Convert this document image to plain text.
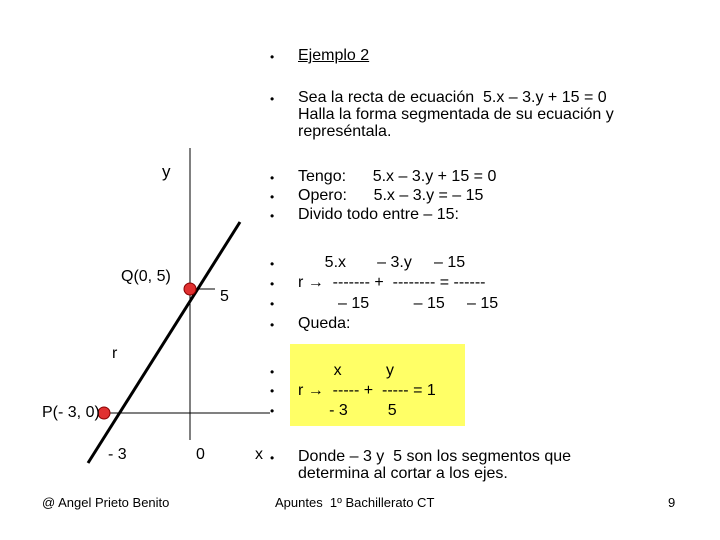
y
Q(0, 5)
5
r
P(- 3, 0)
- 3	0	x
•
•
•
•
•
•
•
•
•
•
•
•
•
Ejemplo 2
Sea la recta de ecuación  5.x – 3.y + 15 = 0
Halla la forma segmentada de su ecuación y
represéntala.
Tengo:      5.x – 3.y + 15 = 0
Opero:      5.x – 3.y = – 15
Divido todo entre – 15:
5.x       – 3.y     – 15
r →  ------- +  -------- = ------
– 15          – 15     – 15
Queda:
x          y
r →  ----- +  ----- = 1
- 3         5
Donde – 3 y  5 son los segmentos que
determina al cortar a los ejes.
@ Angel Prieto Benito	Apuntes  1º Bachillerato CT	9
